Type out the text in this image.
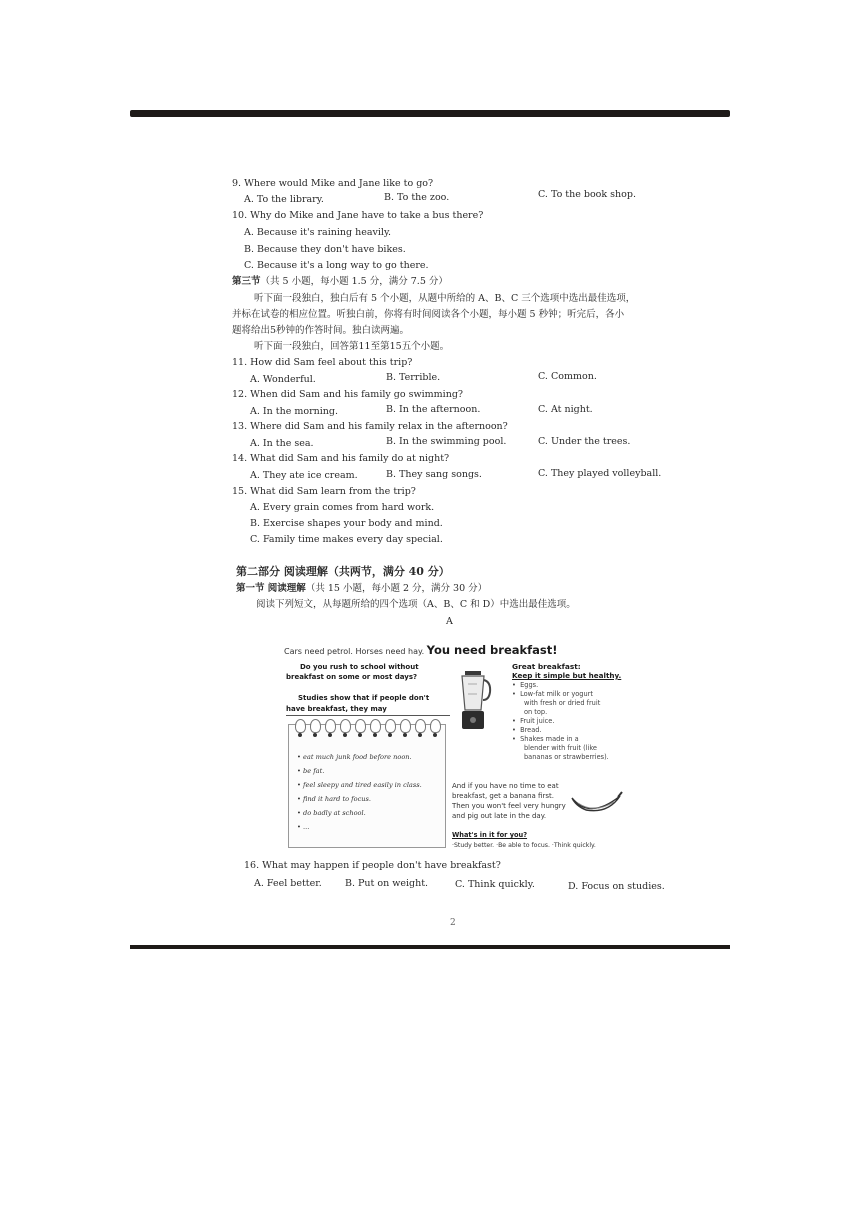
9. Where would Mike and Jane like to go?
A. To the library.	B. To the zoo.	C. To the book shop.
10. Why do Mike and Jane have to take a bus there?
A. Because it's raining heavily.
B. Because they don't have bikes.
C. Because it's a long way to go there.
第三节（共 5 小题，每小题 1.5 分，满分 7.5 分）
听下面一段独白，独白后有 5 个小题，从题中所给的 A、B、C 三个选项中选出最佳选项，
并标在试卷的相应位置。听独白前，你将有时间阅读各个小题，每小题 5 秒钟；听完后，各小
题将给出5秒钟的作答时间。独白读两遍。
听下面一段独白，回答第11至第15五个小题。
11. How did Sam feel about this trip?
A. Wonderful.	B. Terrible.	C. Common.
12. When did Sam and his family go swimming?
A. In the morning.	B. In the afternoon.	C. At night.
13. Where did Sam and his family relax in the afternoon?
A. In the sea.	B. In the swimming pool.	C. Under the trees.
14. What did Sam and his family do at night?
A. They ate ice cream.	B. They sang songs.	C. They played volleyball.
15. What did Sam learn from the trip?
A. Every grain comes from hard work.
B. Exercise shapes your body and mind.
C. Family time makes every day special.
第二部分 阅读理解（共两节，满分 40 分）
第一节 阅读理解（共 15 小题，每小题 2 分，满分 30 分）
阅读下列短文，从每题所给的四个选项（A、B、C 和 D）中选出最佳选项。
A
Cars need petrol. Horses need hay. You need breakfast!
Do you rush to school without
breakfast on some or most days?
Studies show that if people don't
have breakfast, they may
• eat much junk food before noon.
• be fat.
• feel sleepy and tired easily in class.
• find it hard to focus.
• do badly at school.
• ...
Great breakfast:
Keep it simple but healthy.
•  Eggs.
•  Low-fat milk or yogurt
with fresh or dried fruit
on top.
•  Fruit juice.
•  Bread.
•  Shakes made in a
blender with fruit (like
bananas or strawberries).
And if you have no time to eat
breakfast, get a banana first.
Then you won't feel very hungry
and pig out late in the day.
What's in it for you?
·Study better. ·Be able to focus. ·Think quickly.
16. What may happen if people don't have breakfast?
A. Feel better. B. Put on weight.	C. Think quickly.	D. Focus on studies.
2
